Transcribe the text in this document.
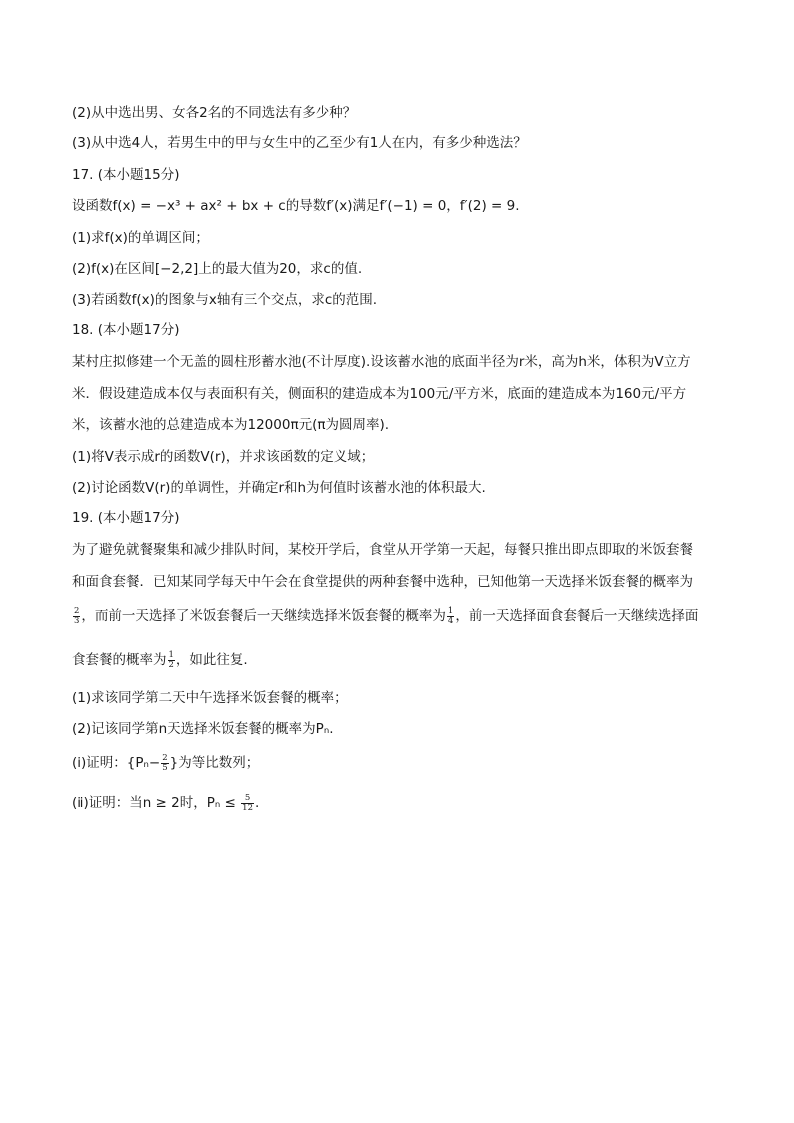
(2)从中选出男、女各2名的不同选法有多少种？
(3)从中选4人，若男生中的甲与女生中的乙至少有1人在内，有多少种选法？
17. (本小题15分)
设函数f(x) = −x³ + ax² + bx + c的导数f′(x)满足f′(−1) = 0，f′(2) = 9.
(1)求f(x)的单调区间；
(2)f(x)在区间[−2,2]上的最大值为20，求c的值.
(3)若函数f(x)的图象与x轴有三个交点，求c的范围.
18. (本小题17分)
某村庄拟修建一个无盖的圆柱形蓄水池(不计厚度).设该蓄水池的底面半径为r米，高为h米，体积为V立方
米．假设建造成本仅与表面积有关，侧面积的建造成本为100元/平方米，底面的建造成本为160元/平方
米，该蓄水池的总建造成本为12000π元(π为圆周率).
(1)将V表示成r的函数V(r)，并求该函数的定义域；
(2)讨论函数V(r)的单调性，并确定r和h为何值时该蓄水池的体积最大.
19. (本小题17分)
为了避免就餐聚集和减少排队时间，某校开学后，食堂从开学第一天起，每餐只推出即点即取的米饭套餐
和面食套餐．已知某同学每天中午会在食堂提供的两种套餐中选种，已知他第一天选择米饭套餐的概率为
$\frac{2}{3}$ ，而前一天选择了米饭套餐后一天继续选择米饭套餐的概率为 $\frac{1}{4}$ ，前一天选择面食套餐后一天继续选择面
食套餐的概率为 $\frac{1}{2}$ ，如此往复.
(1)求该同学第二天中午选择米饭套餐的概率；
(2)记该同学第n天选择米饭套餐的概率为Pₙ.
(ⅰ)证明：{$P_n- \frac{2}{5}$ }为等比数列；
(ⅱ)证明：当n ≥ 2时，$P_n \le \frac{5}{12}$ .
